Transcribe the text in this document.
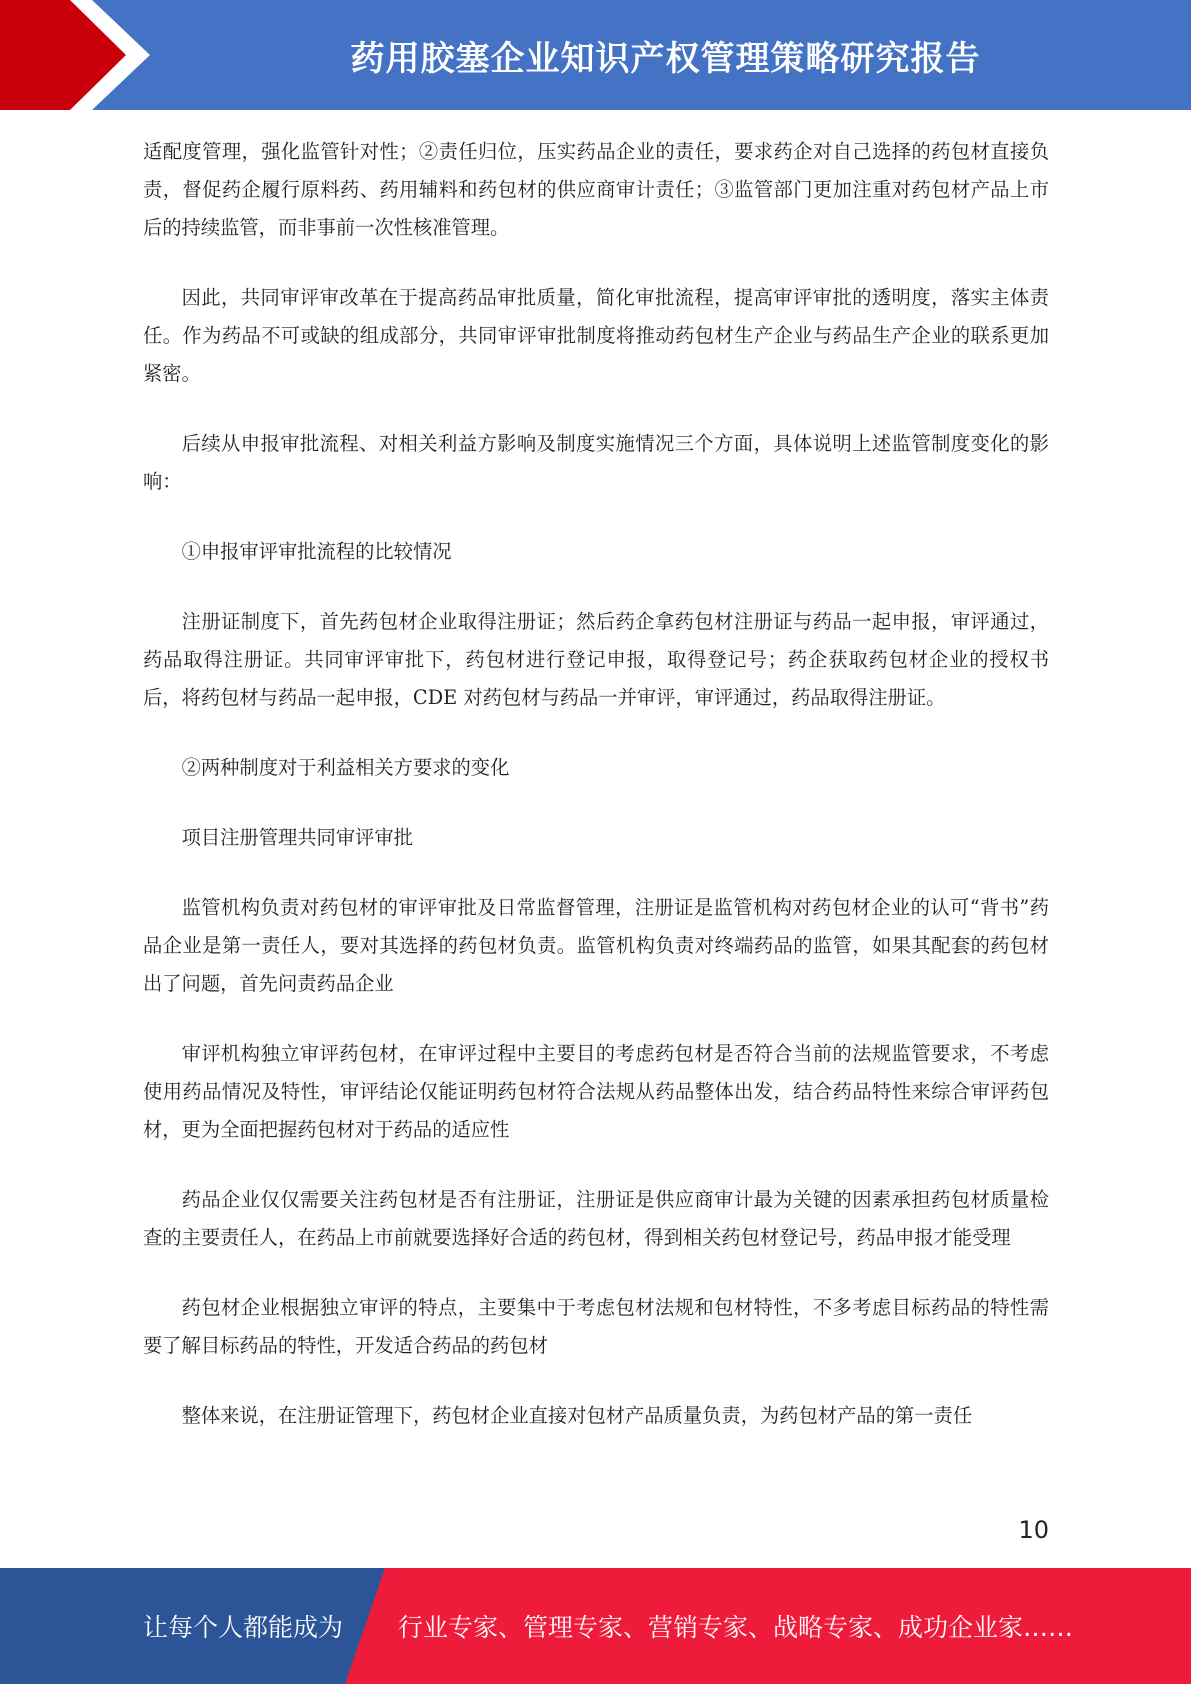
药用胶塞企业知识产权管理策略研究报告

适配度管理，强化监管针对性；②责任归位，压实药品企业的责任，要求药企对自己选择的药包材直接负责，督促药企履行原料药、药用辅料和药包材的供应商审计责任；③监管部门更加注重对药包材产品上市后的持续监管，而非事前一次性核准管理。

因此，共同审评审改革在于提高药品审批质量，简化审批流程，提高审评审批的透明度，落实主体责任。作为药品不可或缺的组成部分，共同审评审批制度将推动药包材生产企业与药品生产企业的联系更加紧密。

后续从申报审批流程、对相关利益方影响及制度实施情况三个方面，具体说明上述监管制度变化的影响：

①申报审评审批流程的比较情况

注册证制度下，首先药包材企业取得注册证；然后药企拿药包材注册证与药品一起申报，审评通过，药品取得注册证。共同审评审批下，药包材进行登记申报，取得登记号；药企获取药包材企业的授权书后，将药包材与药品一起申报，CDE 对药包材与药品一并审评，审评通过，药品取得注册证。

②两种制度对于利益相关方要求的变化

项目注册管理共同审评审批

监管机构负责对药包材的审评审批及日常监督管理，注册证是监管机构对药包材企业的认可“背书”药品企业是第一责任人，要对其选择的药包材负责。监管机构负责对终端药品的监管，如果其配套的药包材出了问题，首先问责药品企业

审评机构独立审评药包材，在审评过程中主要目的考虑药包材是否符合当前的法规监管要求，不考虑使用药品情况及特性，审评结论仅能证明药包材符合法规从药品整体出发，结合药品特性来综合审评药包材，更为全面把握药包材对于药品的适应性

药品企业仅仅需要关注药包材是否有注册证，注册证是供应商审计最为关键的因素承担药包材质量检查的主要责任人，在药品上市前就要选择好合适的药包材，得到相关药包材登记号，药品申报才能受理

药包材企业根据独立审评的特点，主要集中于考虑包材法规和包材特性，不多考虑目标药品的特性需要了解目标药品的特性，开发适合药品的药包材

整体来说，在注册证管理下，药包材企业直接对包材产品质量负责，为药包材产品的第一责任

10
让每个人都能成为 行业专家、管理专家、营销专家、战略专家、成功企业家……
